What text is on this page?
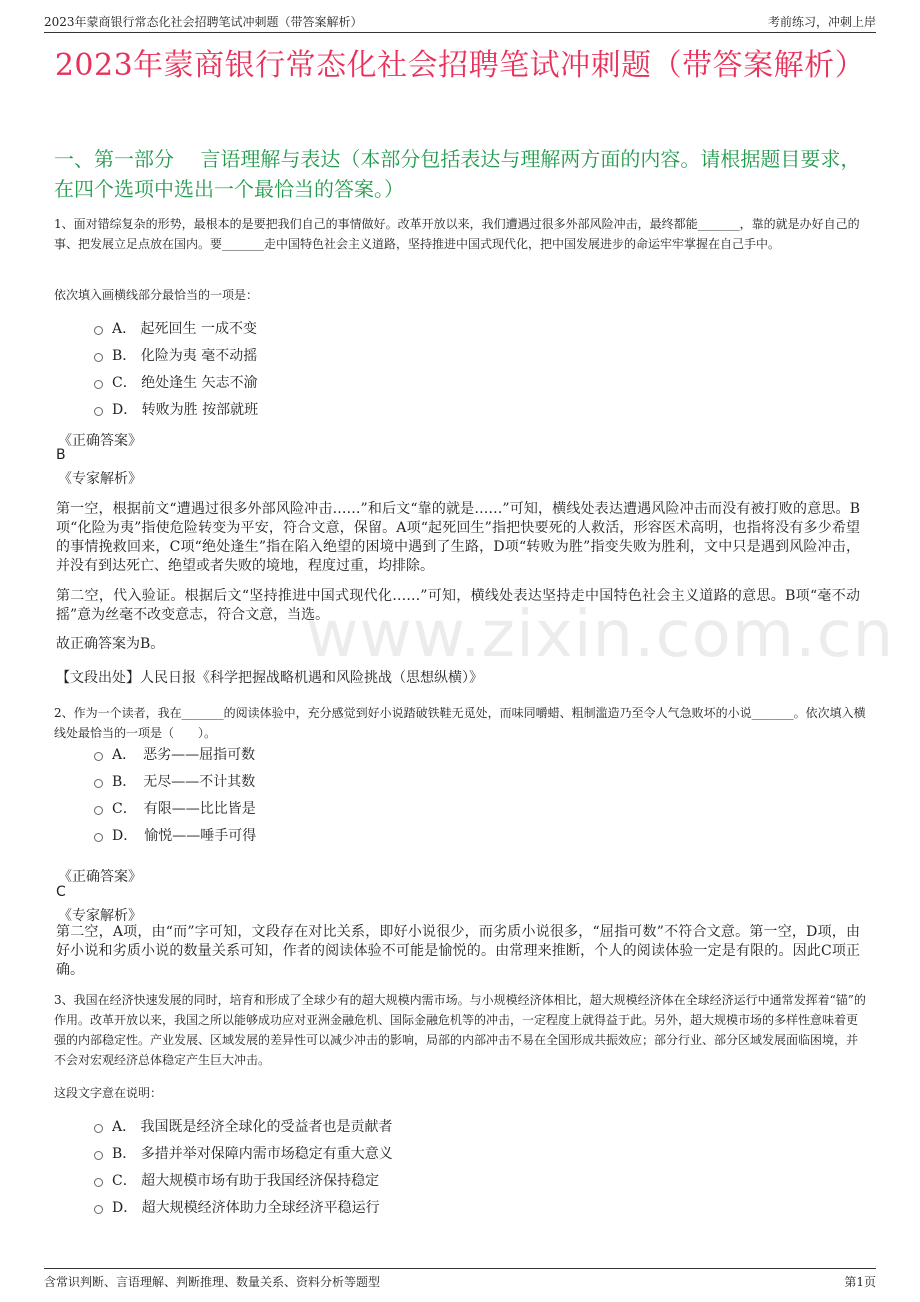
2023年蒙商银行常态化社会招聘笔试冲刺题（带答案解析）	考前练习，冲刺上岸
2023年蒙商银行常态化社会招聘笔试冲刺题（带答案解析）
一、第一部分　 言语理解与表达（本部分包括表达与理解两方面的内容。请根据题目要求，在四个选项中选出一个最恰当的答案。）
www.zixin.com.cn
1、面对错综复杂的形势，最根本的是要把我们自己的事情做好。改革开放以来，我们遭遇过很多外部风险冲击，最终都能_______，靠的就是办好自己的事、把发展立足点放在国内。要_______走中国特色社会主义道路，坚持推进中国式现代化，把中国发展进步的命运牢牢掌握在自己手中。
依次填入画横线部分最恰当的一项是：
A． 起死回生 一成不变
B． 化险为夷 毫不动摇
C． 绝处逢生 矢志不渝
D． 转败为胜 按部就班
《正确答案》
B
《专家解析》
第一空，根据前文“遭遇过很多外部风险冲击……”和后文“靠的就是……”可知，横线处表达遭遇风险冲击而没有被打败的意思。B项“化险为夷”指使危险转变为平安，符合文意，保留。A项“起死回生”指把快要死的人救活，形容医术高明，也指将没有多少希望的事情挽救回来，C项“绝处逢生”指在陷入绝望的困境中遇到了生路，D项“转败为胜”指变失败为胜利，文中只是遇到风险冲击，并没有到达死亡、绝望或者失败的境地，程度过重，均排除。
第二空，代入验证。根据后文“坚持推进中国式现代化……”可知，横线处表达坚持走中国特色社会主义道路的意思。B项“毫不动摇”意为丝毫不改变意志，符合文意，当选。
故正确答案为B。
【文段出处】人民日报《科学把握战略机遇和风险挑战（思想纵横）》
2、作为一个读者，我在_______的阅读体验中，充分感觉到好小说踏破铁鞋无觅处，而味同嚼蜡、粗制滥造乃至令人气急败坏的小说_______。依次填入横线处最恰当的一项是（　　）。
A．　恶劣——屈指可数
B．　无尽——不计其数
C．　有限——比比皆是
D．　愉悦——唾手可得
《正确答案》
C
《专家解析》
第二空，A项，由“而”字可知，文段存在对比关系，即好小说很少，而劣质小说很多，“屈指可数”不符合文意。第一空，D项，由好小说和劣质小说的数量关系可知，作者的阅读体验不可能是愉悦的。由常理来推断，个人的阅读体验一定是有限的。因此C项正确。
3、我国在经济快速发展的同时，培育和形成了全球少有的超大规模内需市场。与小规模经济体相比，超大规模经济体在全球经济运行中通常发挥着“锚”的作用。改革开放以来，我国之所以能够成功应对亚洲金融危机、国际金融危机等的冲击，一定程度上就得益于此。另外，超大规模市场的多样性意味着更强的内部稳定性。产业发展、区域发展的差异性可以减少冲击的影响，局部的内部冲击不易在全国形成共振效应；部分行业、部分区域发展面临困境，并不会对宏观经济总体稳定产生巨大冲击。
这段文字意在说明：
A． 我国既是经济全球化的受益者也是贡献者
B． 多措并举对保障内需市场稳定有重大意义
C． 超大规模市场有助于我国经济保持稳定
D． 超大规模经济体助力全球经济平稳运行
含常识判断、言语理解、判断推理、数量关系、资料分析等题型	第1页
